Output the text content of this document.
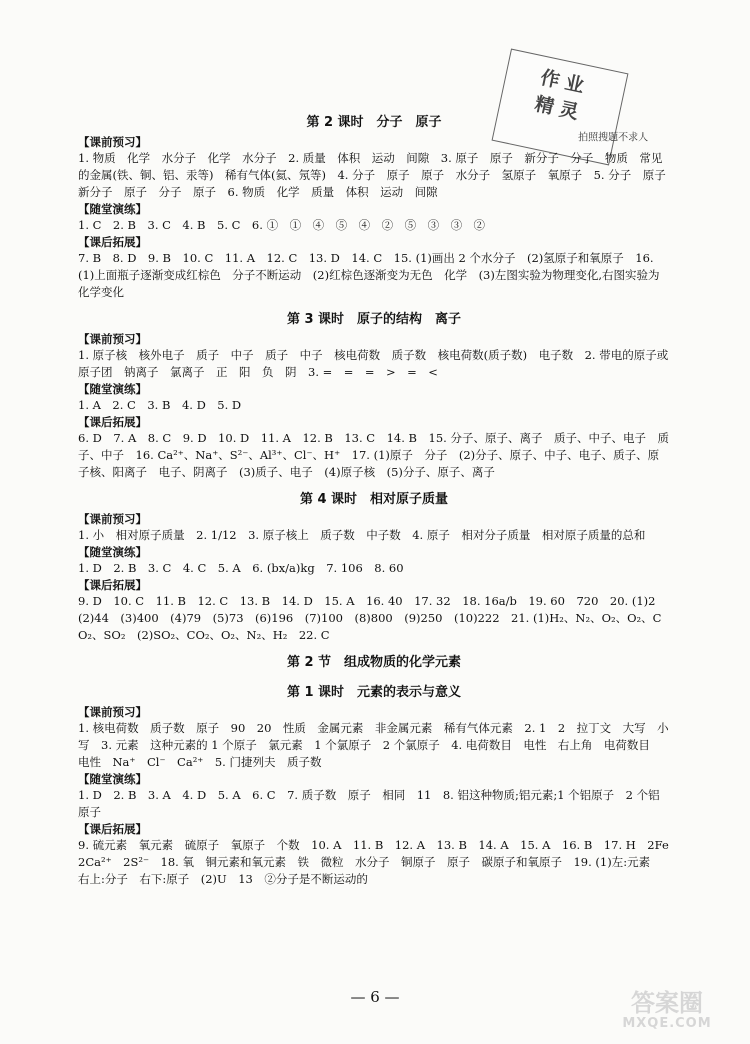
作业
精灵
拍照搜题不求人
第 2 课时　分子　原子

【课前预习】

1. 物质　化学　水分子　化学　水分子　2. 质量　体积　运动　间隙　3. 原子　原子　新分子　分子　物质　常见的金属(铁、铜、铝、汞等)　稀有气体(氦、氖等)　4. 分子　原子　原子　水分子　氢原子　氧原子　5. 分子　原子　新分子　原子　分子　原子　6. 物质　化学　质量　体积　运动　间隙

【随堂演练】

1. C　2. B　3. C　4. B　5. C　6. ①　①　④　⑤　④　②　⑤　③　③　②

【课后拓展】

7. B　8. D　9. B　10. C　11. A　12. C　13. D　14. C　15. (1)画出 2 个水分子　(2)氢原子和氧原子　16. (1)上面瓶子逐渐变成红棕色　分子不断运动　(2)红棕色逐渐变为无色　化学　(3)左图实验为物理变化,右图实验为化学变化

第 3 课时　原子的结构　离子

【课前预习】

1. 原子核　核外电子　质子　中子　质子　中子　核电荷数　质子数　核电荷数(质子数)　电子数　2. 带电的原子或原子团　钠离子　氯离子　正　阳　负　阴　3. =　=　=　>　=　<

【随堂演练】

1. A　2. C　3. B　4. D　5. D

【课后拓展】

6. D　7. A　8. C　9. D　10. D　11. A　12. B　13. C　14. B　15. 分子、原子、离子　质子、中子、电子　质子、中子　16. Ca²⁺、Na⁺、S²⁻、Al³⁺、Cl⁻、H⁺　17. (1)原子　分子　(2)分子、原子、中子、电子、质子、原子核、阳离子　电子、阴离子　(3)质子、电子　(4)原子核　(5)分子、原子、离子

第 4 课时　相对原子质量

【课前预习】

1. 小　相对原子质量　2. 1/12　3. 原子核上　质子数　中子数　4. 原子　相对分子质量　相对原子质量的总和

【随堂演练】

1. D　2. B　3. C　4. C　5. A　6. (bx/a)kg　7. 106　8. 60

【课后拓展】

9. D　10. C　11. B　12. C　13. B　14. D　15. A　16. 40　17. 32　18. 16a/b　19. 60　720　20. (1)2　(2)44　(3)400　(4)79　(5)73　(6)196　(7)100　(8)800　(9)250　(10)222　21. (1)H₂、N₂、O₂、O₂、CO₂、SO₂　(2)SO₂、CO₂、O₂、N₂、H₂　22. C

第 2 节　组成物质的化学元素
第 1 课时　元素的表示与意义

【课前预习】

1. 核电荷数　质子数　原子　90　20　性质　金属元素　非金属元素　稀有气体元素　2. 1　2　拉丁文　大写　小写　3. 元素　这种元素的 1 个原子　氯元素　1 个氯原子　2 个氯原子　4. 电荷数目　电性　右上角　电荷数目　电性　Na⁺　Cl⁻　Ca²⁺　5. 门捷列夫　质子数

【随堂演练】

1. D　2. B　3. A　4. D　5. A　6. C　7. 质子数　原子　相同　11　8. 铝这种物质;铝元素;1 个铝原子　2 个铝原子

【课后拓展】

9. 硫元素　氧元素　硫原子　氧原子　个数　10. A　11. B　12. A　13. B　14. A　15. A　16. B　17. H　2Fe　2Ca²⁺　2S²⁻　18. 氧　铜元素和氧元素　铁　微粒　水分子　铜原子　原子　碳原子和氧原子　19. (1)左:元素　右上:分子　右下:原子　(2)U　13　②分子是不断运动的

— 6 —	答案圈
MXQE.COM
